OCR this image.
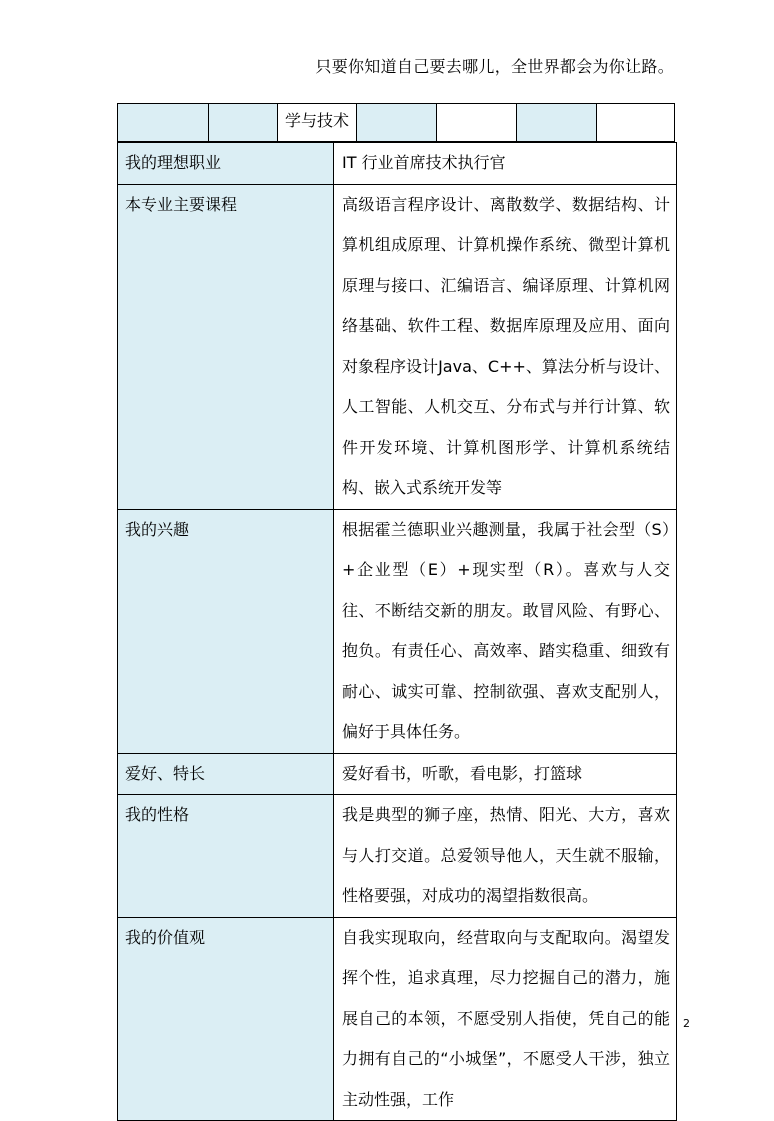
只要你知道自己要去哪儿，全世界都会为你让路。
学与技术
我的理想职业	IT 行业首席技术执行官
本专业主要课程	高级语言程序设计、离散数学、数据结构、计算机组成原理、计算机操作系统、微型计算机原理与接口、汇编语言、编译原理、计算机网络基础、软件工程、数据库原理及应用、面向对象程序设计Java、C++、算法分析与设计、人工智能、人机交互、分布式与并行计算、软件开发环境、计算机图形学、计算机系统结构、嵌入式系统开发等
我的兴趣	根据霍兰德职业兴趣测量，我属于社会型（S）+企业型（E）+现实型（R）。喜欢与人交往、不断结交新的朋友。敢冒风险、有野心、抱负。有责任心、高效率、踏实稳重、细致有耐心、诚实可靠、控制欲强、喜欢支配别人，偏好于具体任务。
爱好、特长	爱好看书，听歌，看电影，打篮球
我的性格	我是典型的狮子座，热情、阳光、大方，喜欢与人打交道。总爱领导他人，天生就不服输，性格要强，对成功的渴望指数很高。
我的价值观	自我实现取向，经营取向与支配取向。渴望发挥个性，追求真理，尽力挖掘自己的潜力，施展自己的本领，不愿受别人指使，凭自己的能力拥有自己的“小城堡”，不愿受人干涉，独立主动性强，工作
2
